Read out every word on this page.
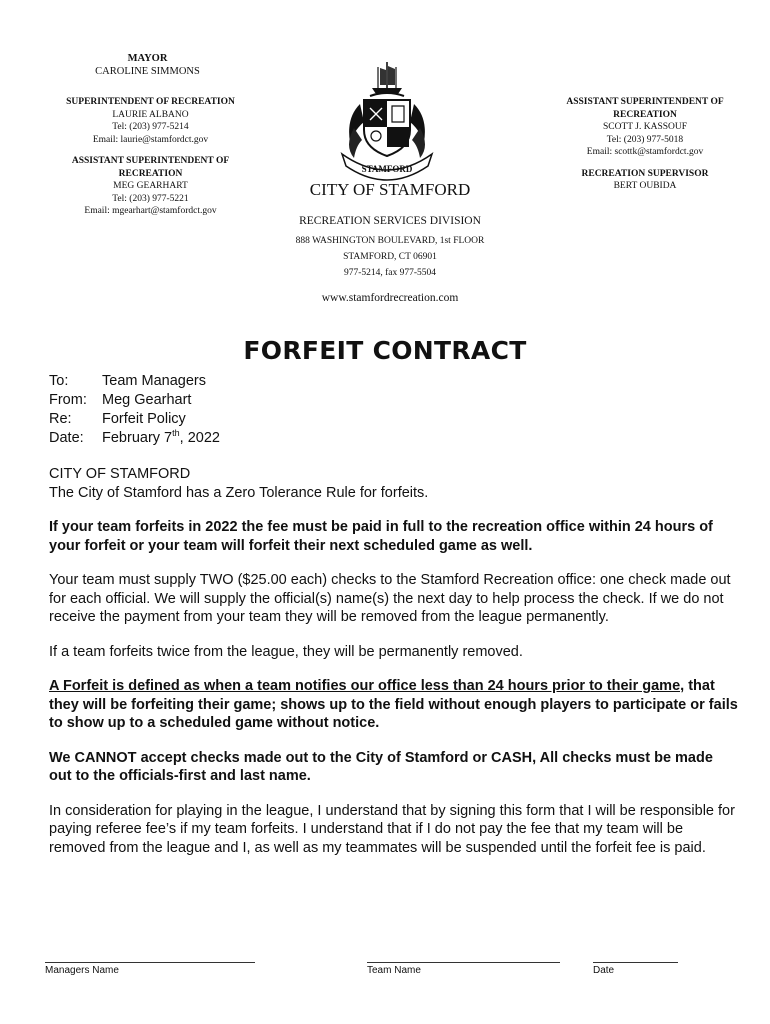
MAYOR
CAROLINE SIMMONS
SUPERINTENDENT OF RECREATION
LAURIE ALBANO
Tel: (203) 977-5214
Email: laurie@stamfordct.gov
ASSISTANT SUPERINTENDENT OF
RECREATION
MEG GEARHART
Tel: (203) 977-5221
Email: mgearhart@stamfordct.gov
ASSISTANT SUPERINTENDENT OF
RECREATION
SCOTT J. KASSOUF
Tel: (203) 977-5018
Email: scottk@stamfordct.gov
RECREATION SUPERVISOR
BERT OUBIDA
STAMFORD
CITY OF STAMFORD
RECREATION SERVICES DIVISION
888 WASHINGTON BOULEVARD, 1st FLOOR
STAMFORD, CT 06901
977-5214, fax 977-5504
www.stamfordrecreation.com
FORFEIT CONTRACT
To:	Team Managers
From:	Meg Gearhart
Re:	Forfeit Policy
Date:	February 7th, 2022

CITY OF STAMFORD

The City of Stamford has a Zero Tolerance Rule for forfeits.

If your team forfeits in 2022 the fee must be paid in full to the recreation office within 24 hours of your forfeit or your team will forfeit their next scheduled game as well.

Your team must supply TWO ($25.00 each) checks to the Stamford Recreation office: one check made out for each official. We will supply the official(s) name(s) the next day to help process the check. If we do not receive the payment from your team they will be removed from the league permanently.

If a team forfeits twice from the league, they will be permanently removed.

A Forfeit is defined as when a team notifies our office less than 24 hours prior to their game, that they will be forfeiting their game; shows up to the field without enough players to participate or fails to show up to a scheduled game without notice.

We CANNOT accept checks made out to the City of Stamford or CASH, All checks must be made out to the officials-first and last name.

In consideration for playing in the league, I understand that by signing this form that I will be responsible for paying referee fee’s if my team forfeits. I understand that if I do not pay the fee that my team will be removed from the league and I, as well as my teammates will be suspended until the forfeit fee is paid.

Managers Name	Team Name	Date
